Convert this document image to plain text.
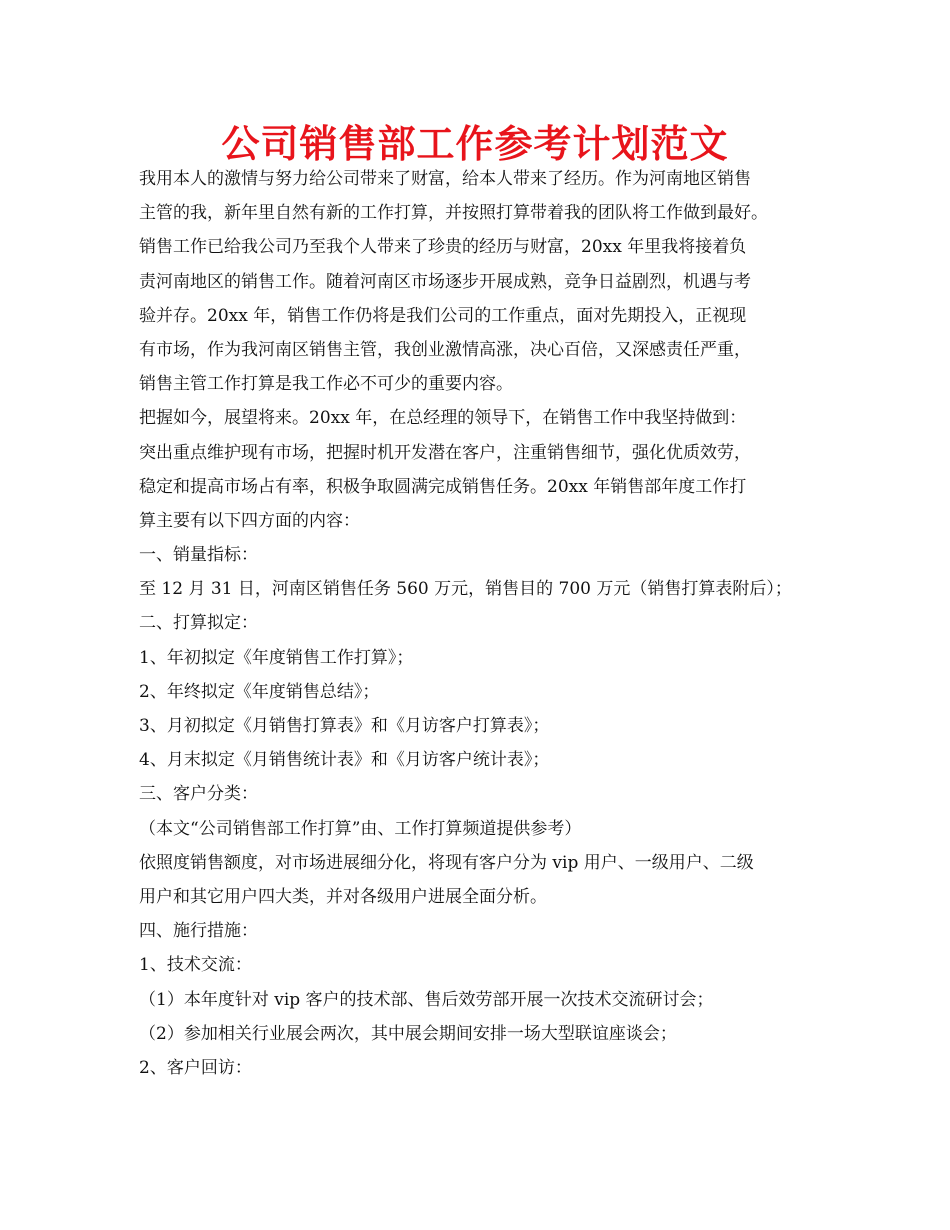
公司销售部工作参考计划范文

我用本人的激情与努力给公司带来了财富，给本人带来了经历。作为河南地区销售

主管的我，新年里自然有新的工作打算，并按照打算带着我的团队将工作做到最好。

销售工作已给我公司乃至我个人带来了珍贵的经历与财富，20xx 年里我将接着负

责河南地区的销售工作。随着河南区市场逐步开展成熟，竞争日益剧烈，机遇与考

验并存。20xx 年，销售工作仍将是我们公司的工作重点，面对先期投入，正视现

有市场，作为我河南区销售主管，我创业激情高涨，决心百倍，又深感责任严重，

销售主管工作打算是我工作必不可少的重要内容。

把握如今，展望将来。20xx 年，在总经理的领导下，在销售工作中我坚持做到：

突出重点维护现有市场，把握时机开发潜在客户，注重销售细节，强化优质效劳，

稳定和提高市场占有率，积极争取圆满完成销售任务。20xx 年销售部年度工作打

算主要有以下四方面的内容：

一、销量指标：

至 12 月 31 日，河南区销售任务 560 万元，销售目的 700 万元（销售打算表附后）；

二、打算拟定：

1、年初拟定《年度销售工作打算》；

2、年终拟定《年度销售总结》；

3、月初拟定《月销售打算表》和《月访客户打算表》；

4、月末拟定《月销售统计表》和《月访客户统计表》；

三、客户分类：

（本文“公司销售部工作打算”由、工作打算频道提供参考）

依照度销售额度，对市场进展细分化，将现有客户分为 vip 用户、一级用户、二级

用户和其它用户四大类，并对各级用户进展全面分析。

四、施行措施：

1、技术交流：

（1）本年度针对 vip 客户的技术部、售后效劳部开展一次技术交流研讨会；

（2）参加相关行业展会两次，其中展会期间安排一场大型联谊座谈会；

2、客户回访：
